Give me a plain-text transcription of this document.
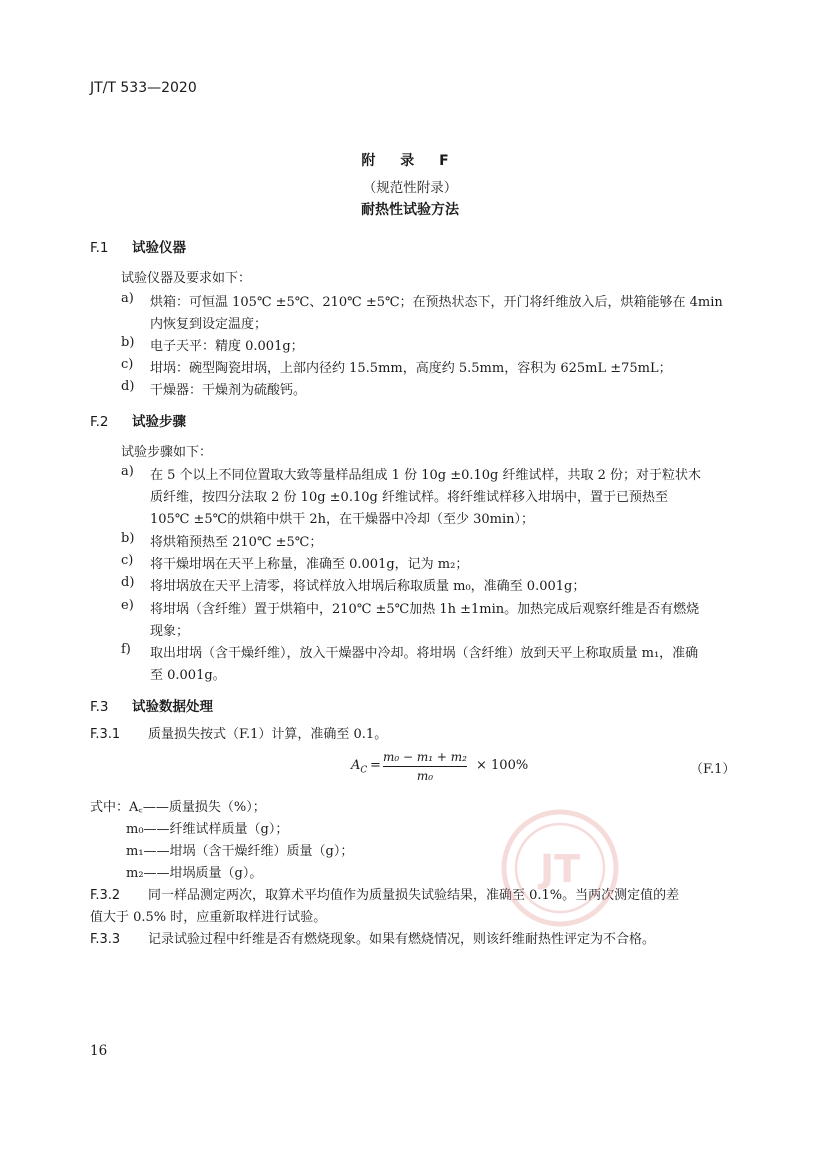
JT/T 533—2020
附 录 F
（规范性附录）
耐热性试验方法
F.1 试验仪器
试验仪器及要求如下：
a) 烘箱：可恒温 105℃ ±5℃、210℃ ±5℃；在预热状态下，开门将纤维放入后，烘箱能够在 4min
内恢复到设定温度；
b) 电子天平：精度 0.001g；
c) 坩埚：碗型陶瓷坩埚，上部内径约 15.5mm，高度约 5.5mm，容积为 625mL ±75mL；
d) 干燥器：干燥剂为硫酸钙。
F.2 试验步骤
试验步骤如下：
a) 在 5 个以上不同位置取大致等量样品组成 1 份 10g ±0.10g 纤维试样，共取 2 份；对于粒状木
质纤维，按四分法取 2 份 10g ±0.10g 纤维试样。将纤维试样移入坩埚中，置于已预热至
105℃ ±5℃的烘箱中烘干 2h，在干燥器中冷却（至少 30min）；
b) 将烘箱预热至 210℃ ±5℃；
c) 将干燥坩埚在天平上称量，准确至 0.001g，记为 m₂；
d) 将坩埚放在天平上清零，将试样放入坩埚后称取质量 m₀，准确至 0.001g；
e) 将坩埚（含纤维）置于烘箱中，210℃ ±5℃加热 1h ±1min。加热完成后观察纤维是否有燃烧
现象；
f) 取出坩埚（含干燥纤维），放入干燥器中冷却。将坩埚（含纤维）放到天平上称取质量 m₁，准确
至 0.001g。
F.3 试验数据处理
F.3.1 质量损失按式（F.1）计算，准确至 0.1。
$A_C$ =
m₀ − m₁ + m₂
m₀
× 100%	（F.1）
式中：A꜀——质量损失（%）；
m₀——纤维试样质量（g）；
m₁——坩埚（含干燥纤维）质量（g）；
m₂——坩埚质量（g）。
F.3.2 同一样品测定两次，取算术平均值作为质量损失试验结果，准确至 0.1%。当两次测定值的差
值大于 0.5% 时，应重新取样进行试验。
F.3.3 记录试验过程中纤维是否有燃烧现象。如果有燃烧情况，则该纤维耐热性评定为不合格。
JT
16
